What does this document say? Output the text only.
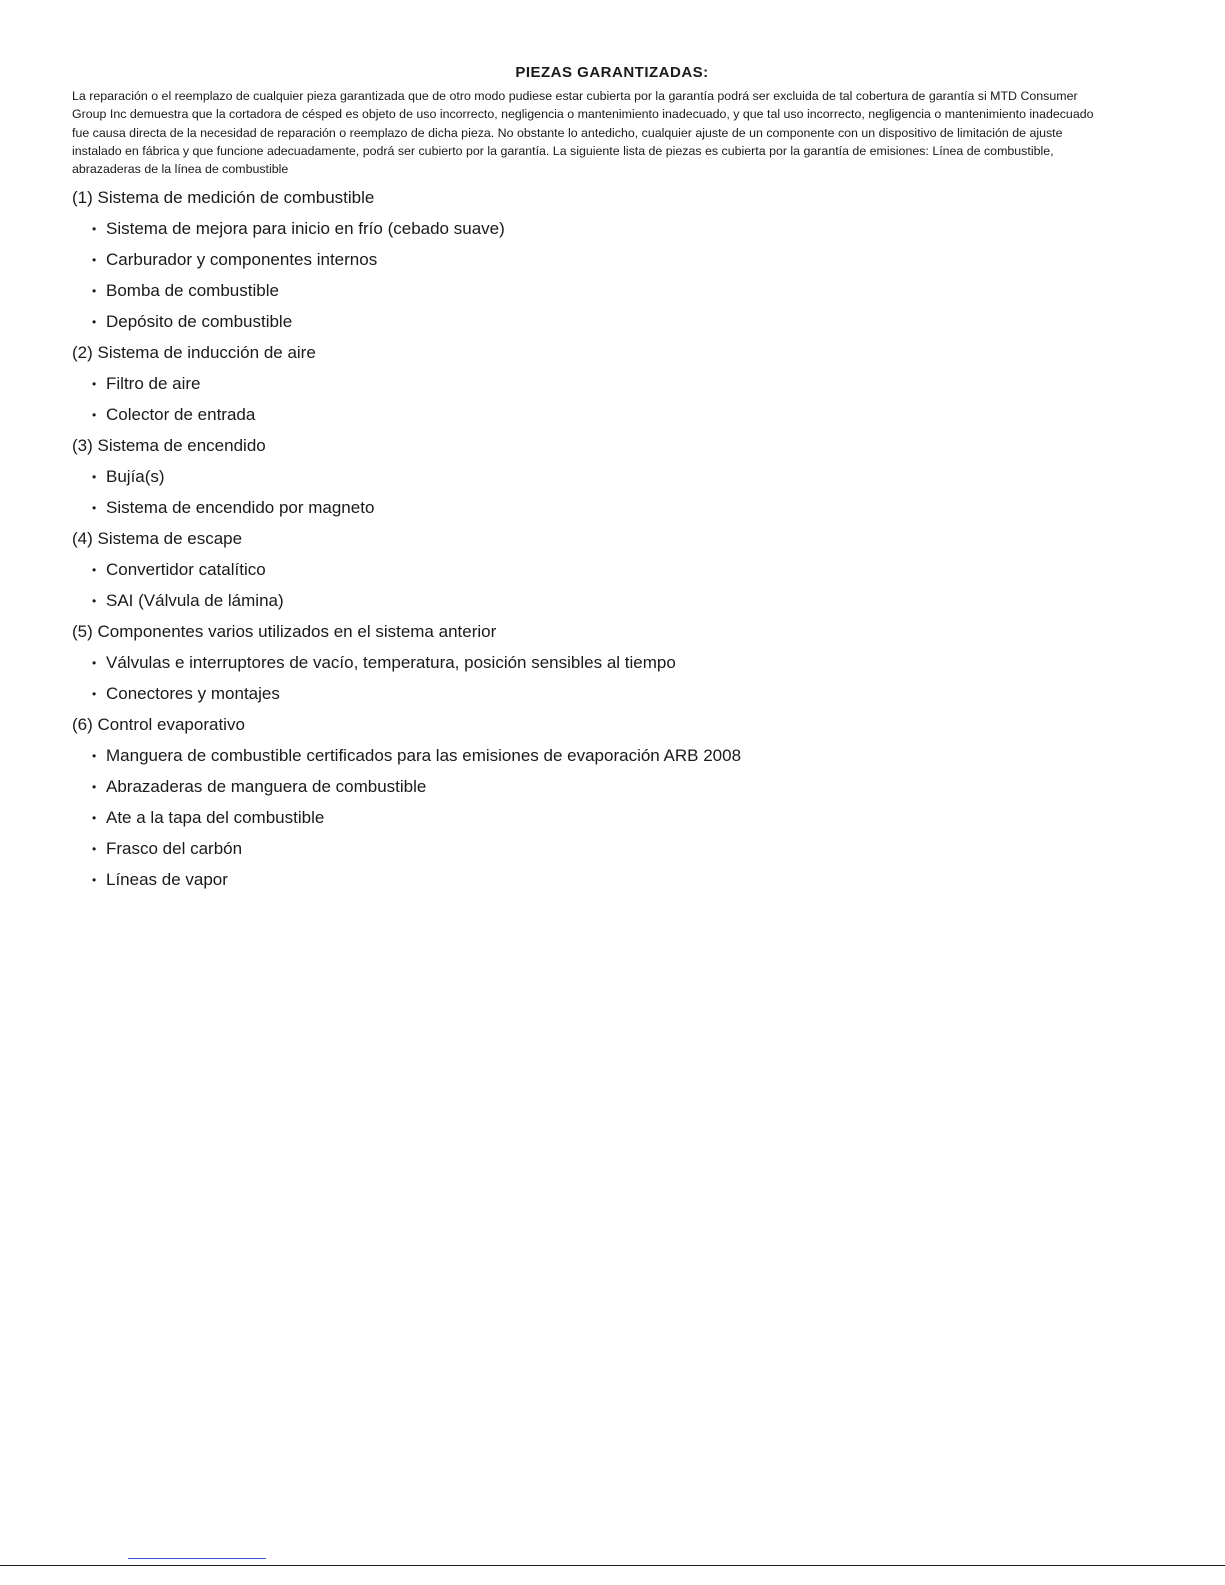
PIEZAS GARANTIZADAS:

La reparación o el reemplazo de cualquier pieza garantizada que de otro modo pudiese estar cubierta por la garantía podrá ser excluida de tal cobertura de garantía si MTD Consumer Group Inc demuestra que la cortadora de césped es objeto de uso incorrecto, negligencia o mantenimiento inadecuado, y que tal uso incorrecto, negligencia o mantenimiento inadecuado fue causa directa de la necesidad de reparación o reemplazo de dicha pieza. No obstante lo antedicho, cualquier ajuste de un componente con un dispositivo de limitación de ajuste instalado en fábrica y que funcione adecuadamente, podrá ser cubierto por la garantía. La siguiente lista de piezas es cubierta por la garantía de emisiones: Línea de combustible, abrazaderas de la línea de combustible

(1) Sistema de medición de combustible
• Sistema de mejora para inicio en frío (cebado suave)
• Carburador y componentes internos
• Bomba de combustible
• Depósito de combustible
(2) Sistema de inducción de aire
• Filtro de aire
• Colector de entrada
(3) Sistema de encendido
• Bujía(s)
• Sistema de encendido por magneto
(4) Sistema de escape
• Convertidor catalítico
• SAI (Válvula de lámina)
(5) Componentes varios utilizados en el sistema anterior
• Válvulas e interruptores de vacío, temperatura, posición sensibles al tiempo
• Conectores y montajes
(6) Control evaporativo
• Manguera de combustible certificados para las emisiones de evaporación ARB 2008
• Abrazaderas de manguera de combustible
• Ate a la tapa del combustible
• Frasco del carbón
• Líneas de vapor
